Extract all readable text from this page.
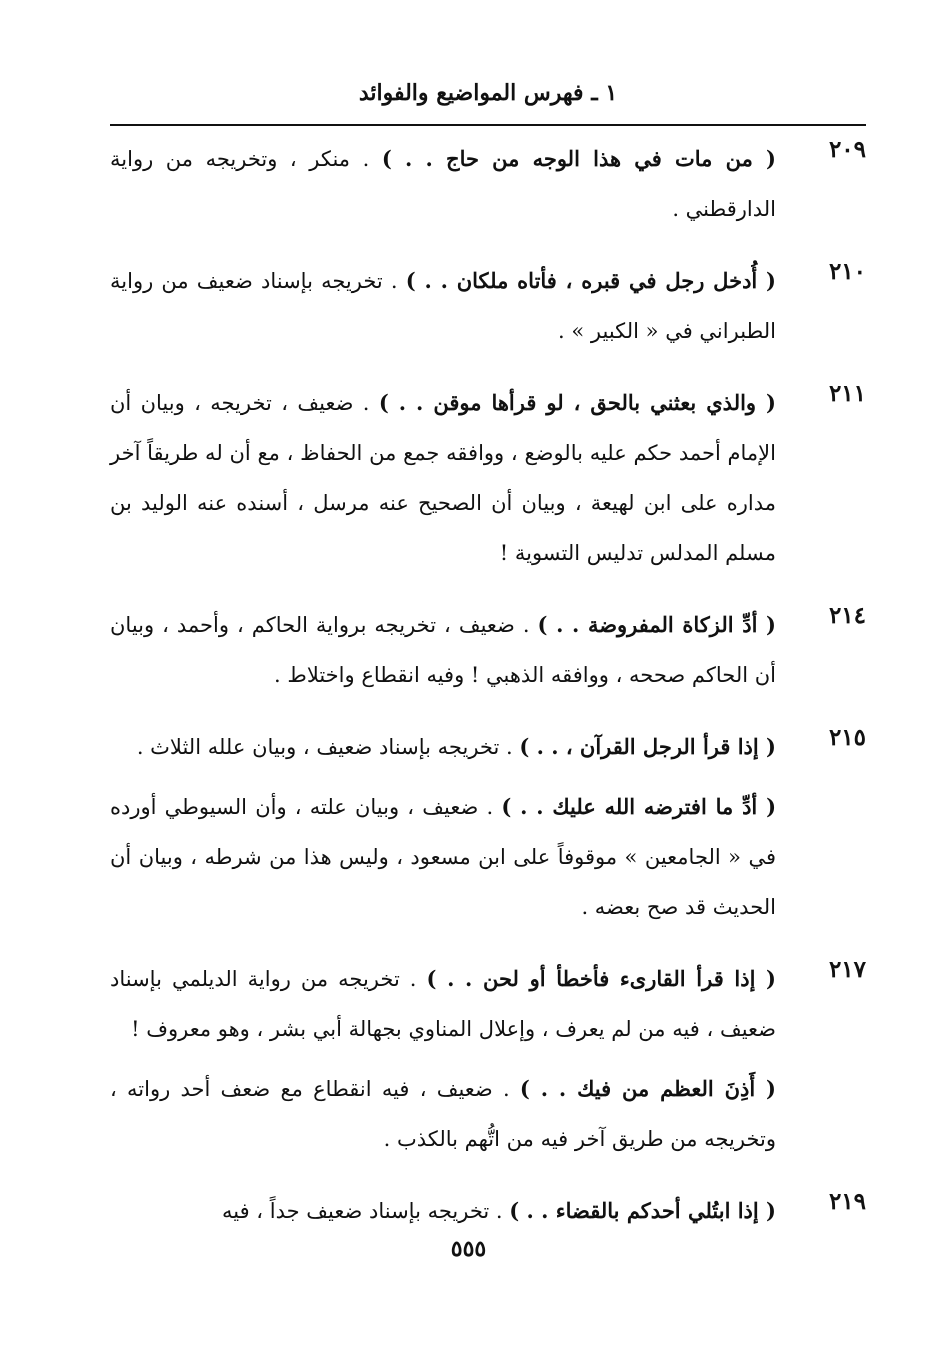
١ ـ فهرس المواضيع والفوائد
٢٠٩
( من مات في هذا الوجه من حاج . . ) . منكر ، وتخريجه من رواية الدارقطني .
٢١٠
( أُدخل رجل في قبره ، فأتاه ملكان . . ) . تخريجه بإسناد ضعيف من رواية الطبراني في « الكبير » .
٢١١
( والذي بعثني بالحق ، لو قرأها موقن . . ) . ضعيف ، تخريجه ، وبيان أن الإمام أحمد حكم عليه بالوضع ، ووافقه جمع من الحفاظ ، مع أن له طريقاً آخر مداره على ابن لهيعة ، وبيان أن الصحيح عنه مرسل ، أسنده عنه الوليد بن مسلم المدلس تدليس التسوية !
٢١٤
( أدِّ الزكاة المفروضة . . ) . ضعيف ، تخريجه برواية الحاكم ، وأحمد ، وبيان أن الحاكم صححه ، ووافقه الذهبي ! وفيه انقطاع واختلاط .
٢١٥
( إذا قرأ الرجل القرآن ، . . ) . تخريجه بإسناد ضعيف ، وبيان علله الثلاث .
( أدِّ ما افترضه الله عليك . . ) . ضعيف ، وبيان علته ، وأن السيوطي أورده في « الجامعين » موقوفاً على ابن مسعود ، وليس هذا من شرطه ، وبيان أن الحديث قد صح بعضه .
٢١٧
( إذا قرأ القارىء فأخطأ أو لحن . . ) . تخريجه من رواية الديلمي بإسناد ضعيف ، فيه من لم يعرف ، وإعلال المناوي بجهالة أبي بشر ، وهو معروف !
( أَذِنَ العظم من فيك . . ) . ضعيف ، فيه انقطاع مع ضعف أحد رواته ، وتخريجه من طريق آخر فيه من اتُّهم بالكذب .
٢١٩
( إذا ابتُلي أحدكم بالقضاء . . ) . تخريجه بإسناد ضعيف جداً ، فيه
٥٥٥
